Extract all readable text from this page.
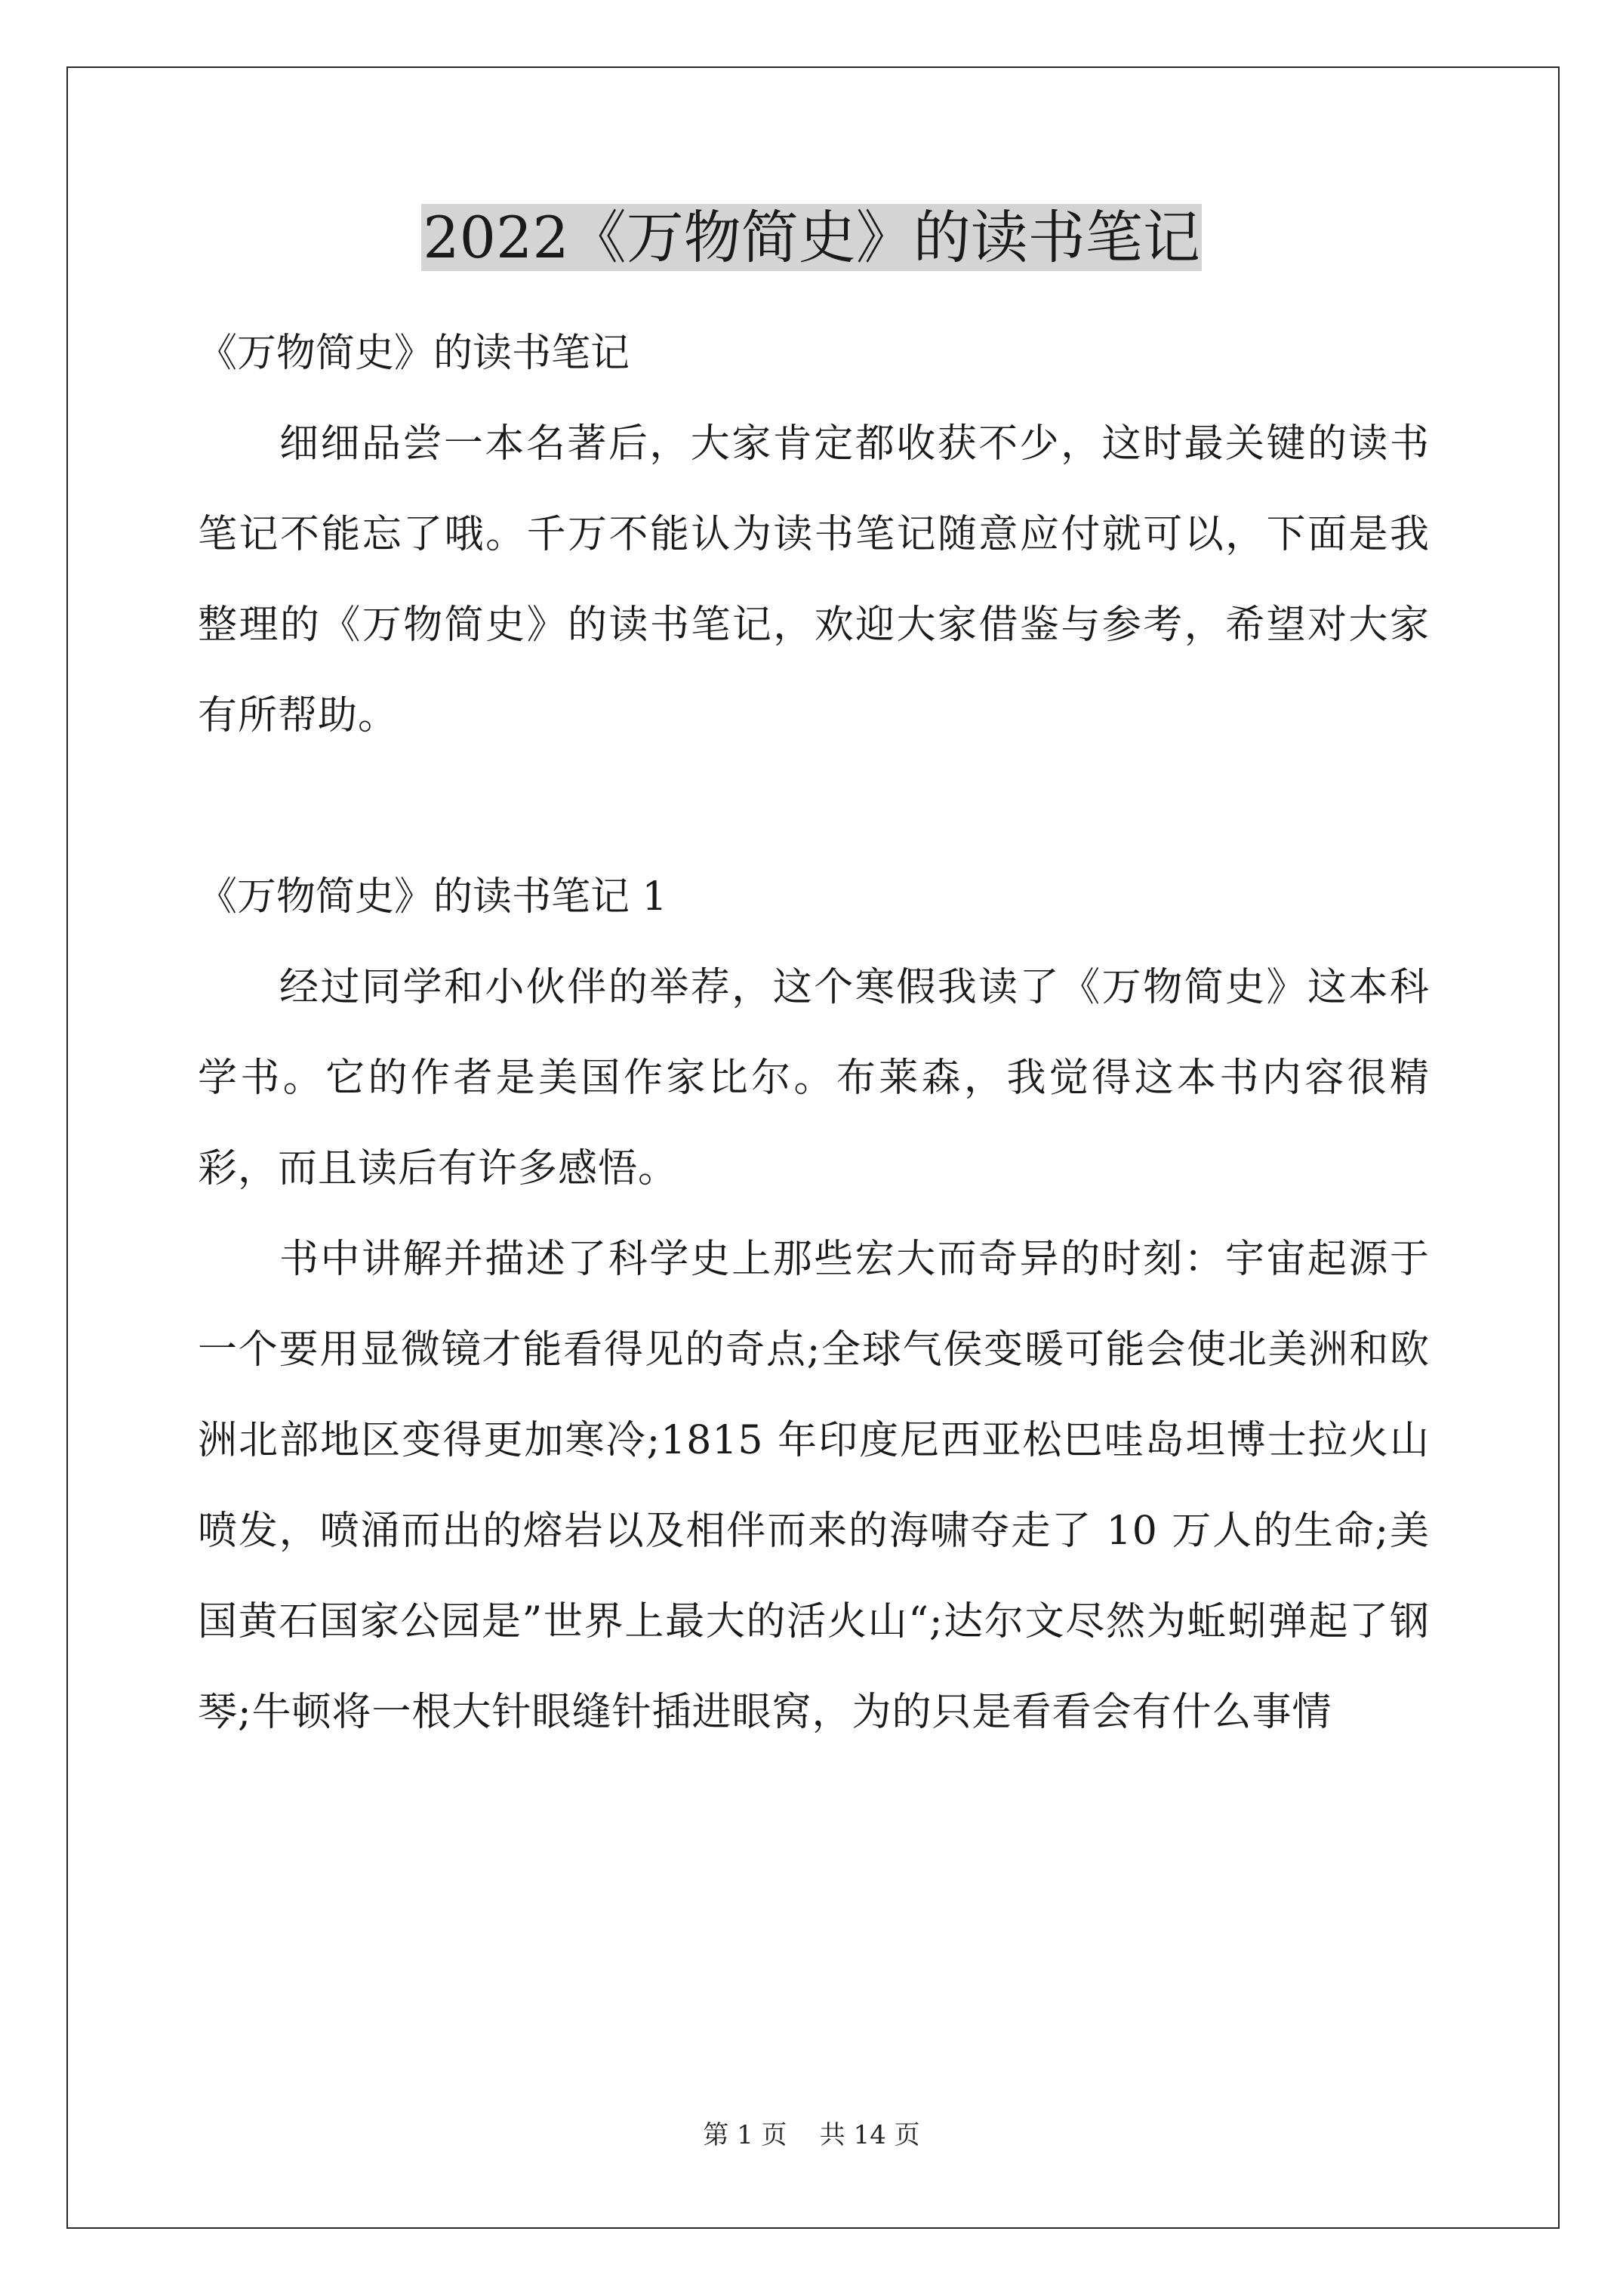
2022《万物简史》的读书笔记

《万物简史》的读书笔记

细细品尝一本名著后，大家肯定都收获不少，这时最关键的读书笔记不能忘了哦。千万不能认为读书笔记随意应付就可以，下面是我整理的《万物简史》的读书笔记，欢迎大家借鉴与参考，希望对大家有所帮助。

《万物简史》的读书笔记 1

经过同学和小伙伴的举荐，这个寒假我读了《万物简史》这本科学书。它的作者是美国作家比尔。布莱森，我觉得这本书内容很精彩，而且读后有许多感悟。

书中讲解并描述了科学史上那些宏大而奇异的时刻：宇宙起源于一个要用显微镜才能看得见的奇点;全球气侯变暖可能会使北美洲和欧洲北部地区变得更加寒冷;1815 年印度尼西亚松巴哇岛坦博士拉火山喷发，喷涌而出的熔岩以及相伴而来的海啸夺走了 10 万人的生命;美国黄石国家公园是”世界上最大的活火山“;达尔文尽然为蚯蚓弹起了钢琴;牛顿将一根大针眼缝针插进眼窝，为的只是看看会有什么事情

第 1 页    共 14 页
